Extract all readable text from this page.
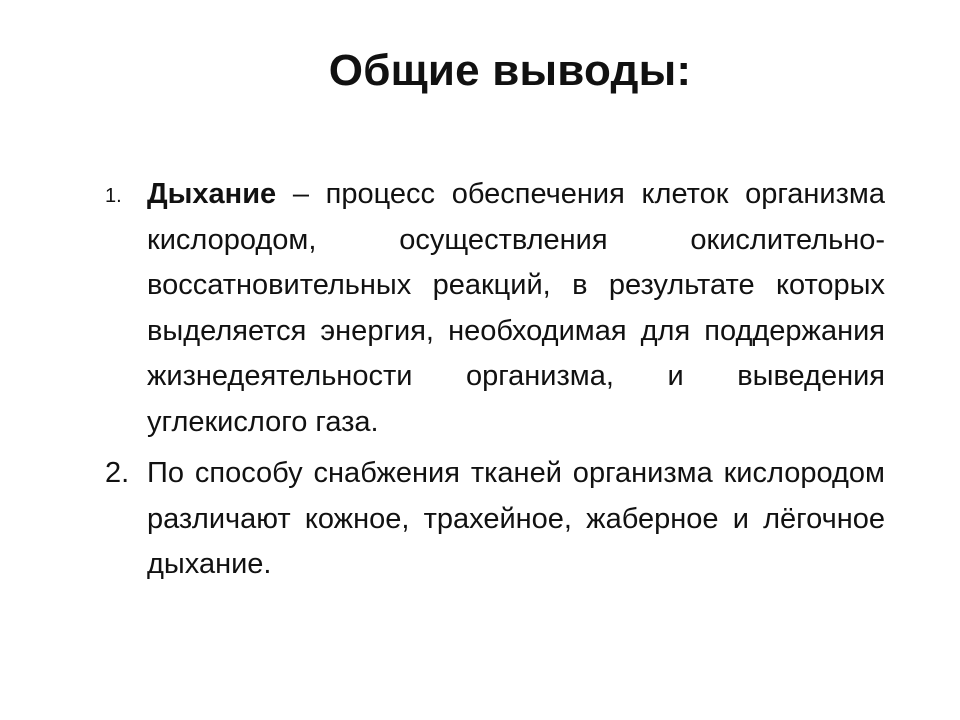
Общие выводы:
1. Дыхание – процесс обеспечения клеток организма кислородом, осуществления окислительно-воссатновительных реакций, в результате которых выделяется энергия, необходимая для поддержания жизнедеятельности организма, и выведения углекислого газа.
2. По способу снабжения тканей организма кислородом различают кожное, трахейное, жаберное и лёгочное дыхание.
